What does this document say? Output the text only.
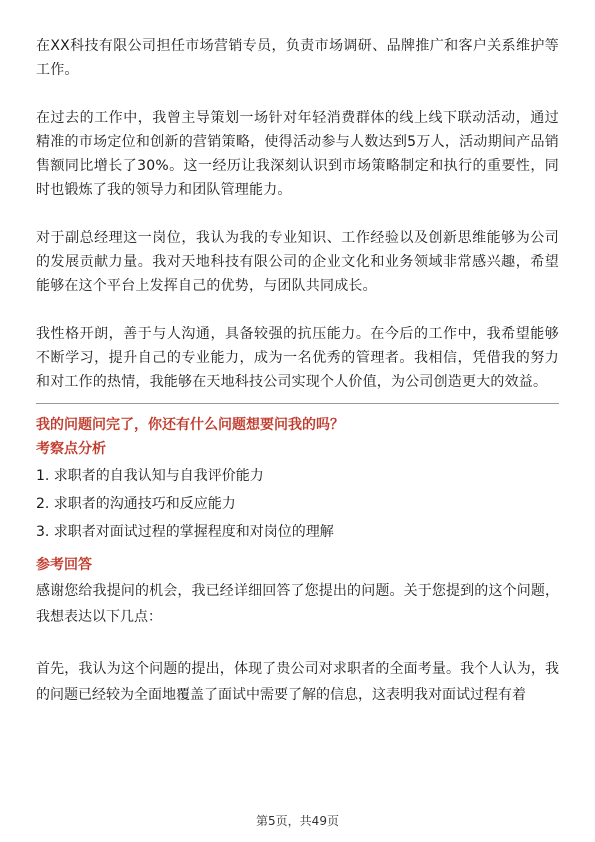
在XX科技有限公司担任市场营销专员，负责市场调研、品牌推广和客户关系维护等工作。

在过去的工作中，我曾主导策划一场针对年轻消费群体的线上线下联动活动，通过精准的市场定位和创新的营销策略，使得活动参与人数达到5万人，活动期间产品销售额同比增长了30%。这一经历让我深刻认识到市场策略制定和执行的重要性，同时也锻炼了我的领导力和团队管理能力。

对于副总经理这一岗位，我认为我的专业知识、工作经验以及创新思维能够为公司的发展贡献力量。我对天地科技有限公司的企业文化和业务领域非常感兴趣，希望能够在这个平台上发挥自己的优势，与团队共同成长。

我性格开朗，善于与人沟通，具备较强的抗压能力。在今后的工作中，我希望能够不断学习，提升自己的专业能力，成为一名优秀的管理者。我相信，凭借我的努力和对工作的热情，我能够在天地科技公司实现个人价值，为公司创造更大的效益。

我的问题问完了，你还有什么问题想要问我的吗？

考察点分析

1. 求职者的自我认知与自我评价能力

2. 求职者的沟通技巧和反应能力

3. 求职者对面试过程的掌握程度和对岗位的理解

参考回答

感谢您给我提问的机会，我已经详细回答了您提出的问题。关于您提到的这个问题，我想表达以下几点：

首先，我认为这个问题的提出，体现了贵公司对求职者的全面考量。我个人认为，我的问题已经较为全面地覆盖了面试中需要了解的信息，这表明我对面试过程有着

第5页，共49页
